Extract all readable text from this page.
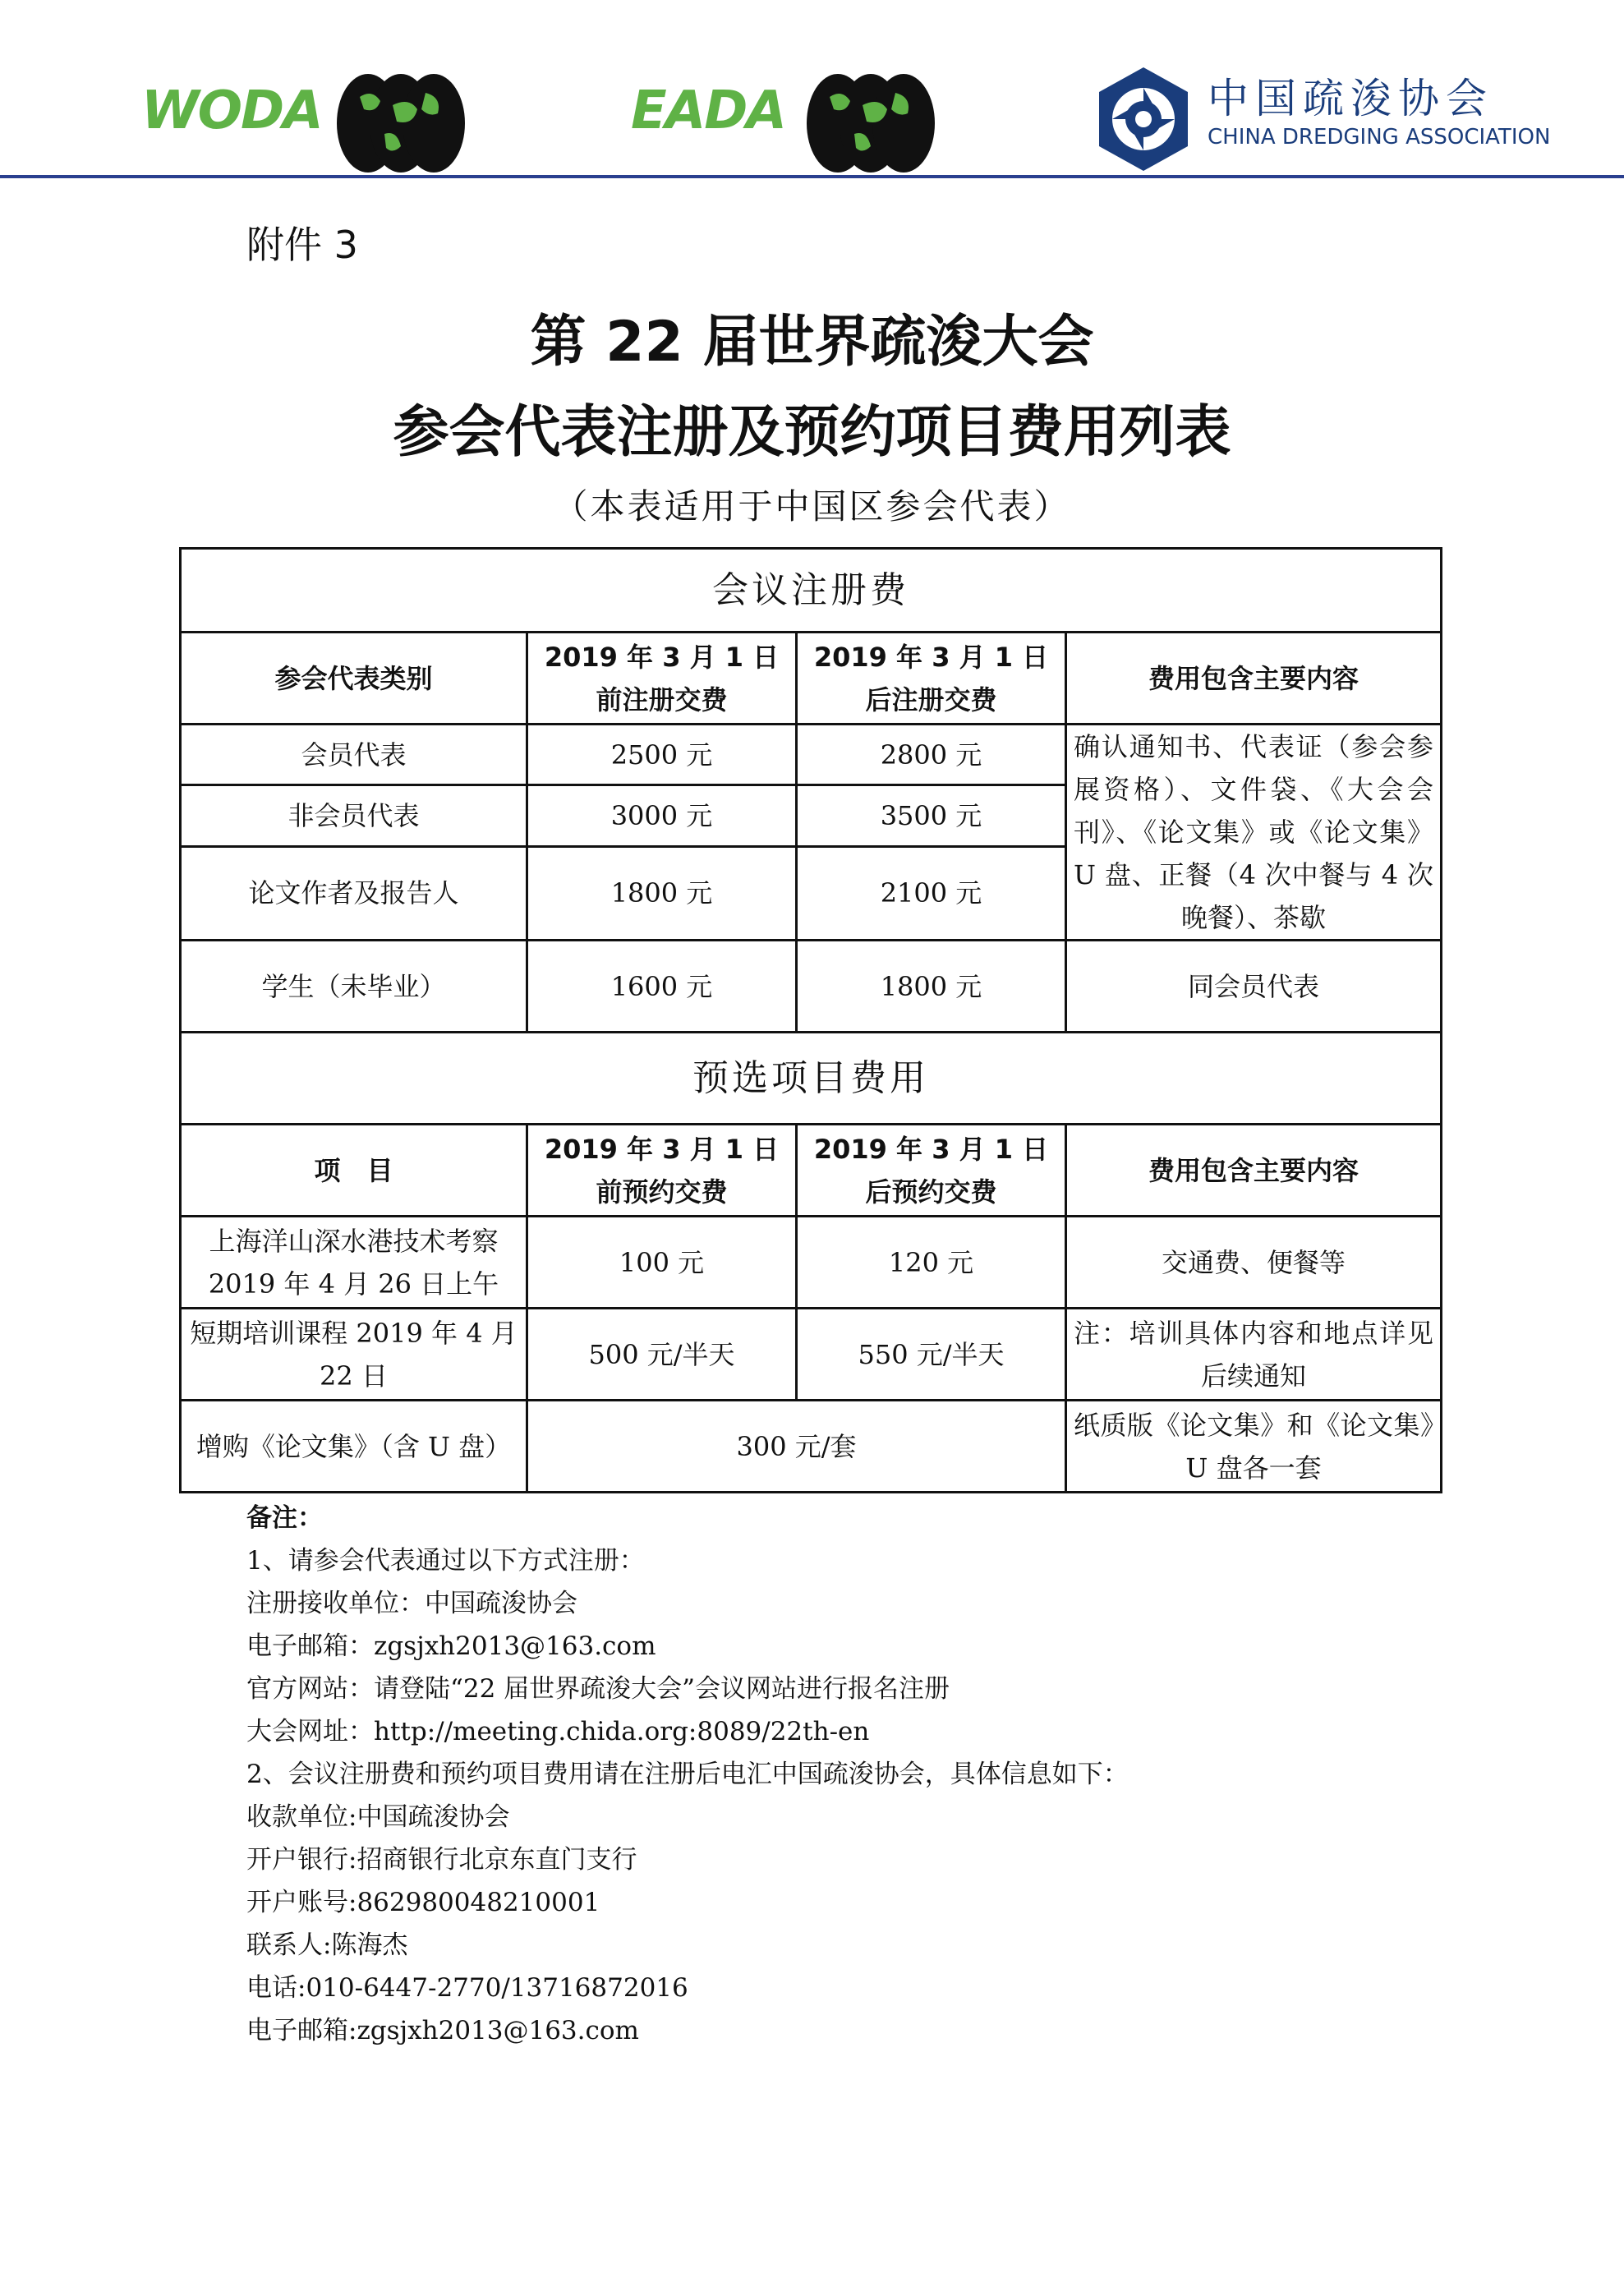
WODA	EADA	中国疏浚协会
CHINA DREDGING ASSOCIATION
附件 3
第 22 届世界疏浚大会
参会代表注册及预约项目费用列表
（本表适用于中国区参会代表）
会议注册费			
参会代表类别	2019 年 3 月 1 日前注册交费	2019 年 3 月 1 日后注册交费	费用包含主要内容
会员代表	2500 元	2800 元	确认通知书、代表证（参会参展资格）、文件袋、《大会会刊》、《论文集》或《论文集》U 盘、正餐（4 次中餐与 4 次晚餐）、茶歇
非会员代表	3000 元	3500 元	
论文作者及报告人	1800 元	2100 元	
学生（未毕业）	1600 元	1800 元	同会员代表
预选项目费用			
项　目	2019 年 3 月 1 日前预约交费	2019 年 3 月 1 日后预约交费	费用包含主要内容
上海洋山深水港技术考察 2019 年 4 月 26 日上午	100 元	120 元	交通费、便餐等
短期培训课程 2019 年 4 月 22 日	500 元/半天	550 元/半天	注：培训具体内容和地点详见后续通知
增购《论文集》（含 U 盘）	300 元/套		纸质版《论文集》和《论文集》U 盘各一套
备注：
1、请参会代表通过以下方式注册：
注册接收单位：中国疏浚协会
电子邮箱：zgsjxh2013@163.com
官方网站：请登陆“22 届世界疏浚大会”会议网站进行报名注册
大会网址：http://meeting.chida.org:8089/22th-en
2、会议注册费和预约项目费用请在注册后电汇中国疏浚协会，具体信息如下：
收款单位:中国疏浚协会
开户银行:招商银行北京东直门支行
开户账号:862980048210001
联系人:陈海杰
电话:010-6447-2770/13716872016
电子邮箱:zgsjxh2013@163.com
